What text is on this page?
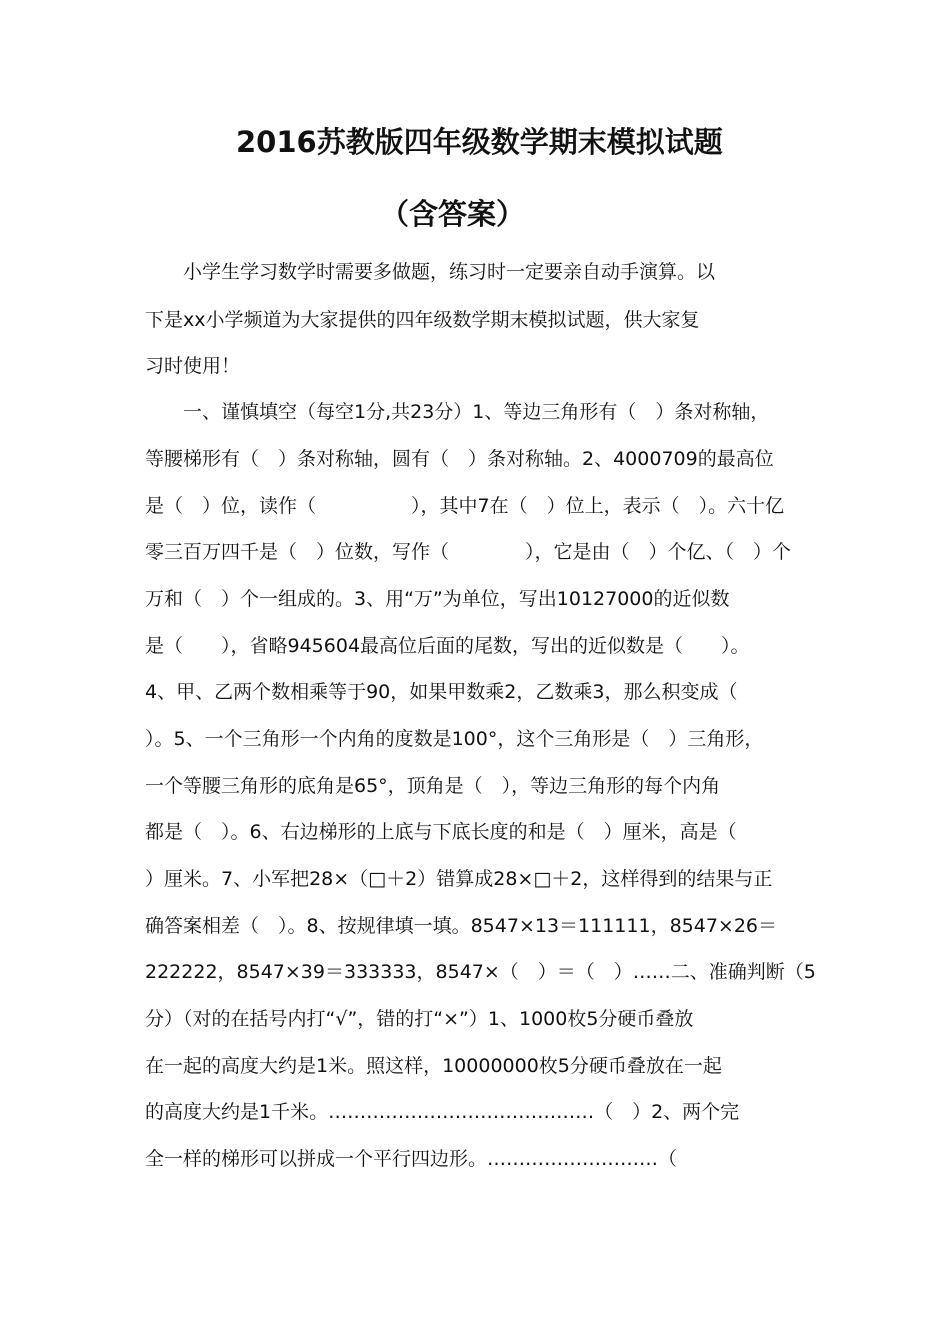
2016苏教版四年级数学期末模拟试题
（含答案）
　　小学生学习数学时需要多做题，练习时一定要亲自动手演算。以
下是xx小学频道为大家提供的四年级数学期末模拟试题，供大家复
习时使用！
　　一、谨慎填空（每空1分,共23分）1、等边三角形有（　）条对称轴，
等腰梯形有（　）条对称轴，圆有（　）条对称轴。2、4000709的最高位
是（　）位，读作（　　　　　），其中7在（　）位上，表示（　）。六十亿
零三百万四千是（　）位数，写作（　　　　），它是由（　）个亿、（　）个
万和（　）个一组成的。3、用“万”为单位，写出10127000的近似数
是（　　），省略945604最高位后面的尾数，写出的近似数是（　　）。
4、甲、乙两个数相乘等于90，如果甲数乘2，乙数乘3，那么积变成（
）。5、一个三角形一个内角的度数是100°，这个三角形是（　）三角形，
一个等腰三角形的底角是65°，顶角是（　），等边三角形的每个内角
都是（　）。6、右边梯形的上底与下底长度的和是（　）厘米，高是（
）厘米。7、小军把28×（□＋2）错算成28×□＋2，这样得到的结果与正
确答案相差（　）。8、按规律填一填。8547×13＝111111，8547×26＝
222222，8547×39＝333333，8547×（　）＝（　）……二、准确判断（5
分）（对的在括号内打“√”，错的打“×”）1、1000枚5分硬币叠放
在一起的高度大约是1米。照这样，10000000枚5分硬币叠放在一起
的高度大约是1千米。……………………………………（　）2、两个完
全一样的梯形可以拼成一个平行四边形。………………………（
